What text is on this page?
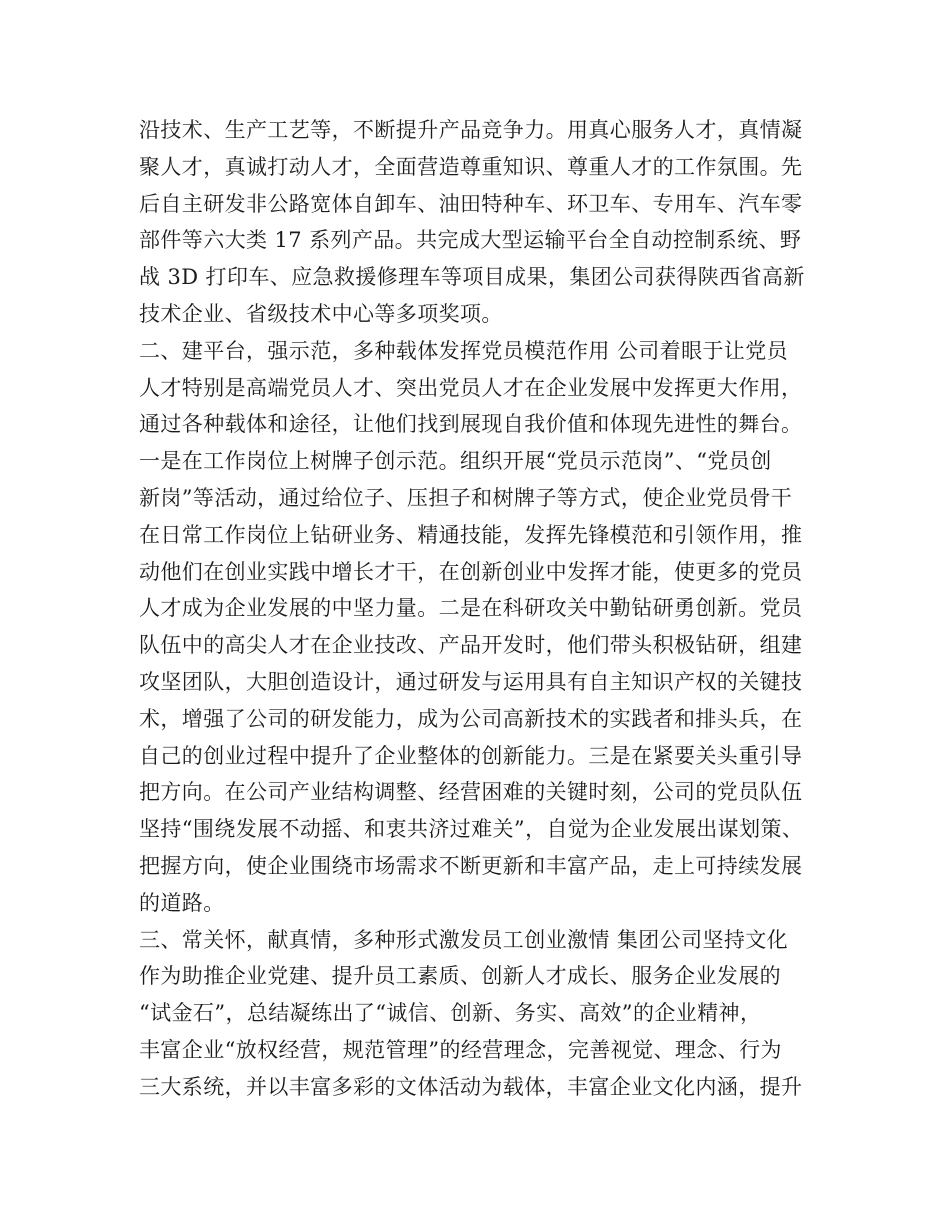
沿技术、生产工艺等，不断提升产品竞争力。用真心服务人才，真情凝
聚人才，真诚打动人才，全面营造尊重知识、尊重人才的工作氛围。先
后自主研发非公路宽体自卸车、油田特种车、环卫车、专用车、汽车零
部件等六大类 17 系列产品。共完成大型运输平台全自动控制系统、野
战 3D 打印车、应急救援修理车等项目成果，集团公司获得陕西省高新
技术企业、省级技术中心等多项奖项。
二、建平台，强示范，多种载体发挥党员模范作用 公司着眼于让党员
人才特别是高端党员人才、突出党员人才在企业发展中发挥更大作用，
通过各种载体和途径，让他们找到展现自我价值和体现先进性的舞台。
一是在工作岗位上树牌子创示范。组织开展“党员示范岗”、“党员创
新岗”等活动，通过给位子、压担子和树牌子等方式，使企业党员骨干
在日常工作岗位上钻研业务、精通技能，发挥先锋模范和引领作用，推
动他们在创业实践中增长才干，在创新创业中发挥才能，使更多的党员
人才成为企业发展的中坚力量。二是在科研攻关中勤钻研勇创新。党员
队伍中的高尖人才在企业技改、产品开发时，他们带头积极钻研，组建
攻坚团队，大胆创造设计，通过研发与运用具有自主知识产权的关键技
术，增强了公司的研发能力，成为公司高新技术的实践者和排头兵，在
自己的创业过程中提升了企业整体的创新能力。三是在紧要关头重引导
把方向。在公司产业结构调整、经营困难的关键时刻，公司的党员队伍
坚持“围绕发展不动摇、和衷共济过难关”，自觉为企业发展出谋划策、
把握方向，使企业围绕市场需求不断更新和丰富产品，走上可持续发展
的道路。
三、常关怀，献真情，多种形式激发员工创业激情 集团公司坚持文化
作为助推企业党建、提升员工素质、创新人才成长、服务企业发展的
“试金石”，总结凝练出了“诚信、创新、务实、高效”的企业精神，
丰富企业“放权经营，规范管理”的经营理念，完善视觉、理念、行为
三大系统，并以丰富多彩的文体活动为载体，丰富企业文化内涵，提升
